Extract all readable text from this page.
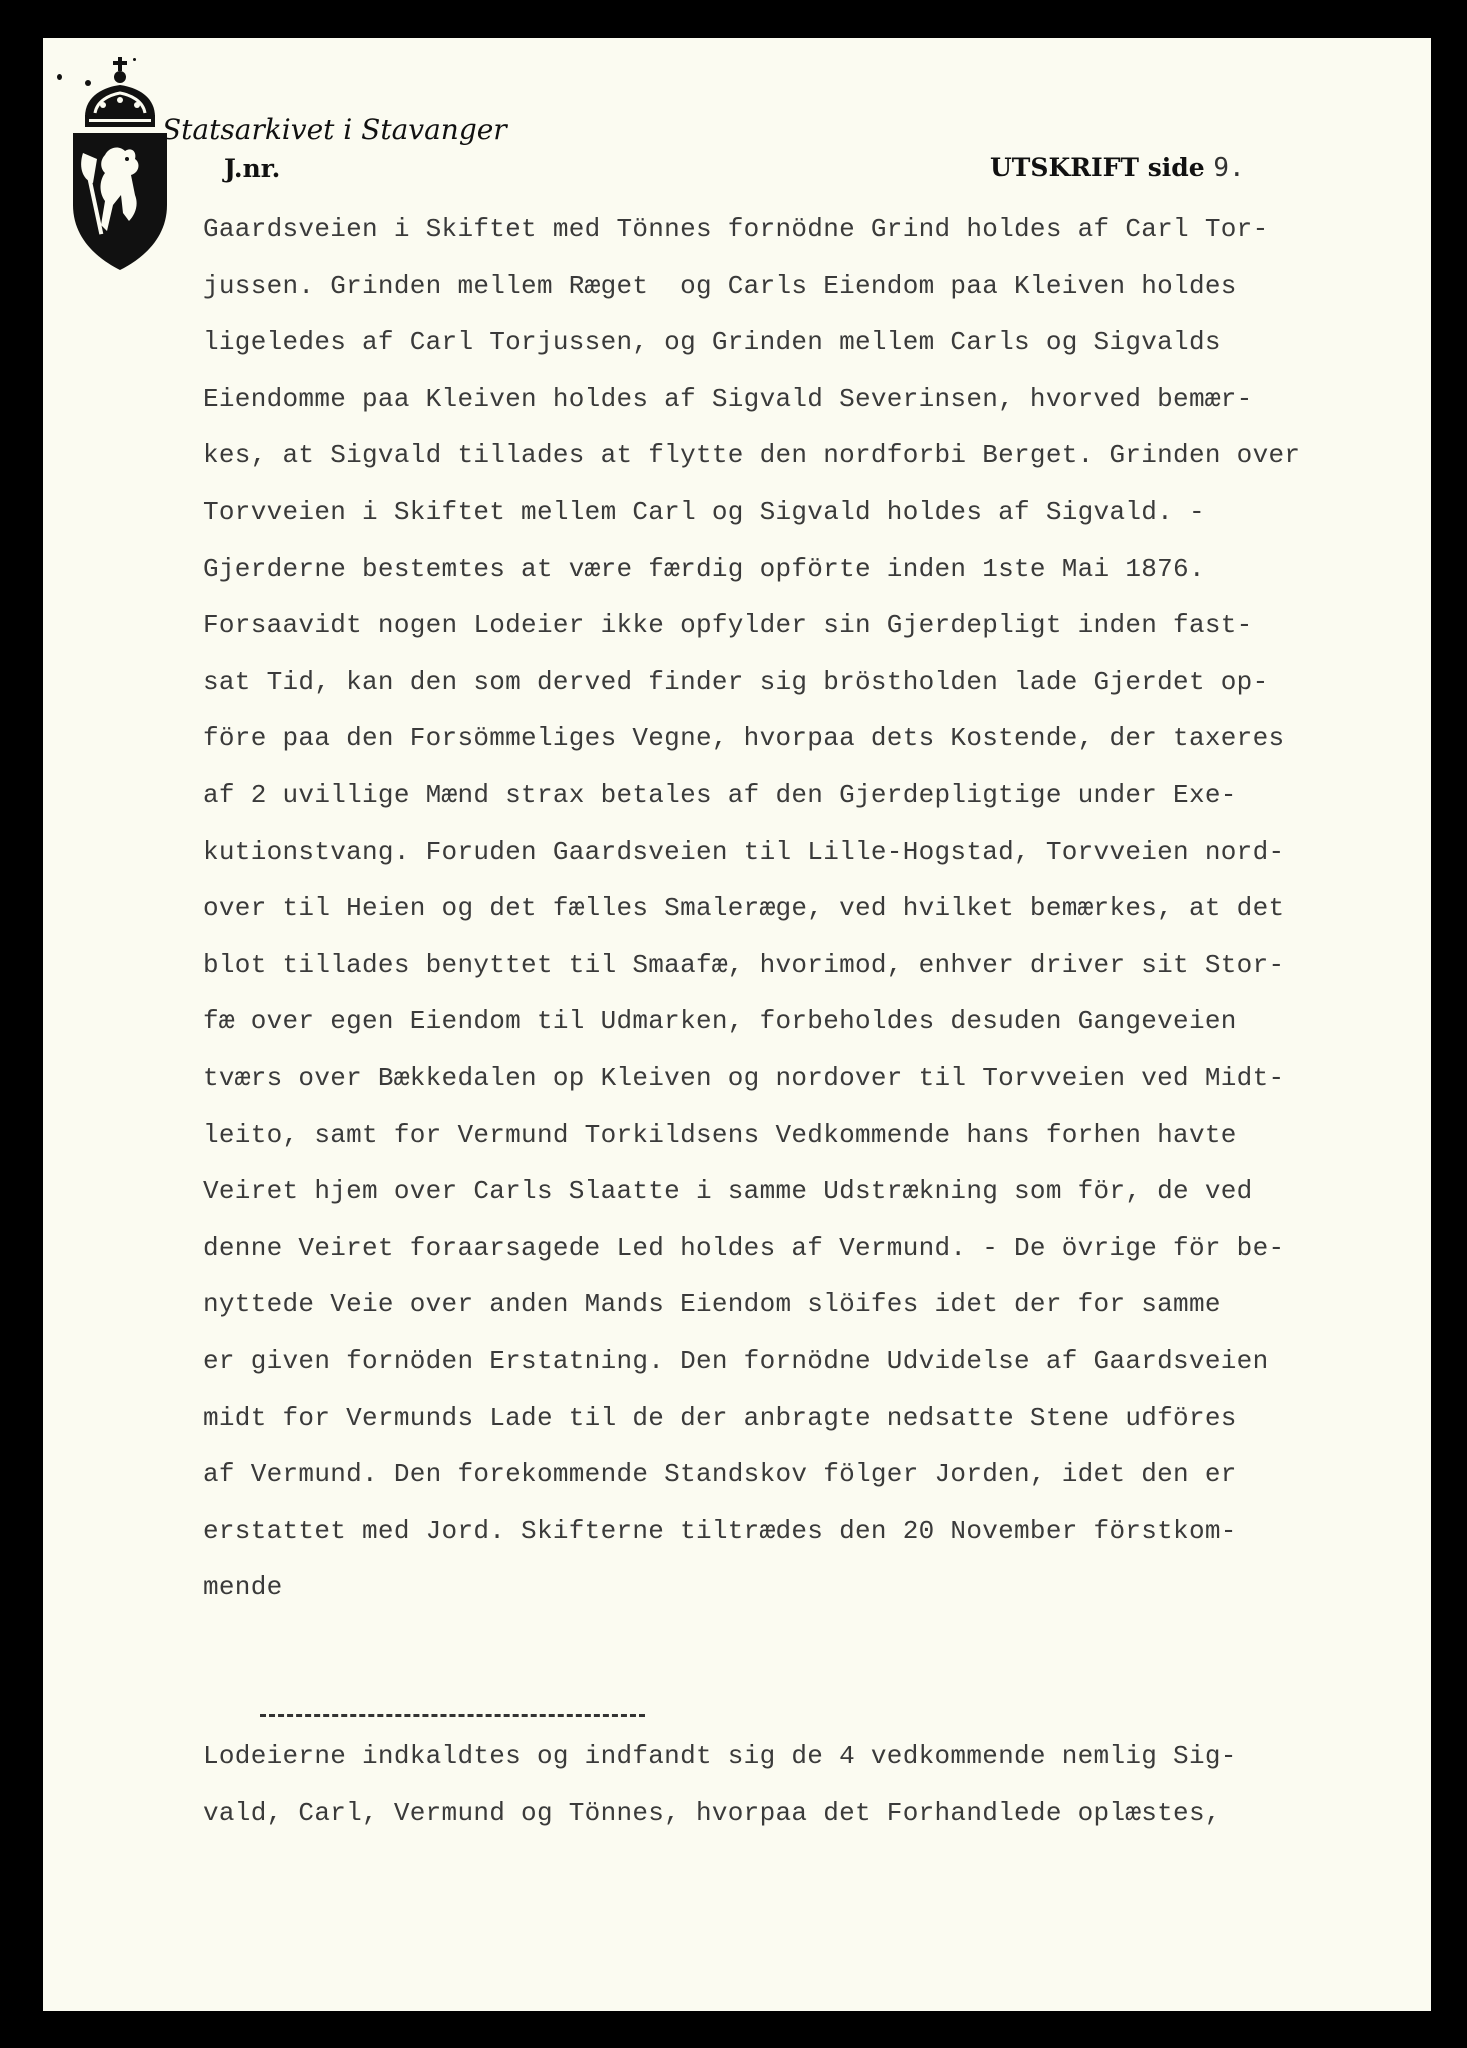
Statsarkivet i Stavanger
J.nr.	UTSKRIFT side 9.
Gaardsveien i Skiftet med Tönnes fornödne Grind holdes af Carl Tor-
jussen. Grinden mellem Ræget  og Carls Eiendom paa Kleiven holdes
ligeledes af Carl Torjussen, og Grinden mellem Carls og Sigvalds
Eiendomme paa Kleiven holdes af Sigvald Severinsen, hvorved bemær-
kes, at Sigvald tillades at flytte den nordforbi Berget. Grinden over
Torvveien i Skiftet mellem Carl og Sigvald holdes af Sigvald. -
Gjerderne bestemtes at være færdig opförte inden 1ste Mai 1876.
Forsaavidt nogen Lodeier ikke opfylder sin Gjerdepligt inden fast-
sat Tid, kan den som derved finder sig bröstholden lade Gjerdet op-
före paa den Forsömmeliges Vegne, hvorpaa dets Kostende, der taxeres
af 2 uvillige Mænd strax betales af den Gjerdepligtige under Exe-
kutionstvang. Foruden Gaardsveien til Lille-Hogstad, Torvveien nord-
over til Heien og det fælles Smalerægе, ved hvilket bemærkes, at det
blot tillades benyttet til Smaafæ, hvorimod, enhver driver sit Stor-
fæ over egen Eiendom til Udmarken, forbeholdes desuden Gangeveien
tværs over Bækkedalen op Kleiven og nordover til Torvveien ved Midt-
leito, samt for Vermund Torkildsens Vedkommende hans forhen havte
Veiret hjem over Carls Slaatte i samme Udstrækning som för, de ved
denne Veiret foraarsagede Led holdes af Vermund. - De övrige för be-
nyttede Veie over anden Mands Eiendom slöifes idet der for samme
er given fornöden Erstatning. Den fornödne Udvidelse af Gaardsveien
midt for Vermunds Lade til de der anbragte nedsatte Stene udföres
af Vermund. Den forekommende Standskov fölger Jorden, idet den er
erstattet med Jord. Skifterne tiltrædes den 20 November förstkom-
mende
Lodeierne indkaldtes og indfandt sig de 4 vedkommende nemlig Sig-
vald, Carl, Vermund og Tönnes, hvorpaa det Forhandlede oplæstes,
